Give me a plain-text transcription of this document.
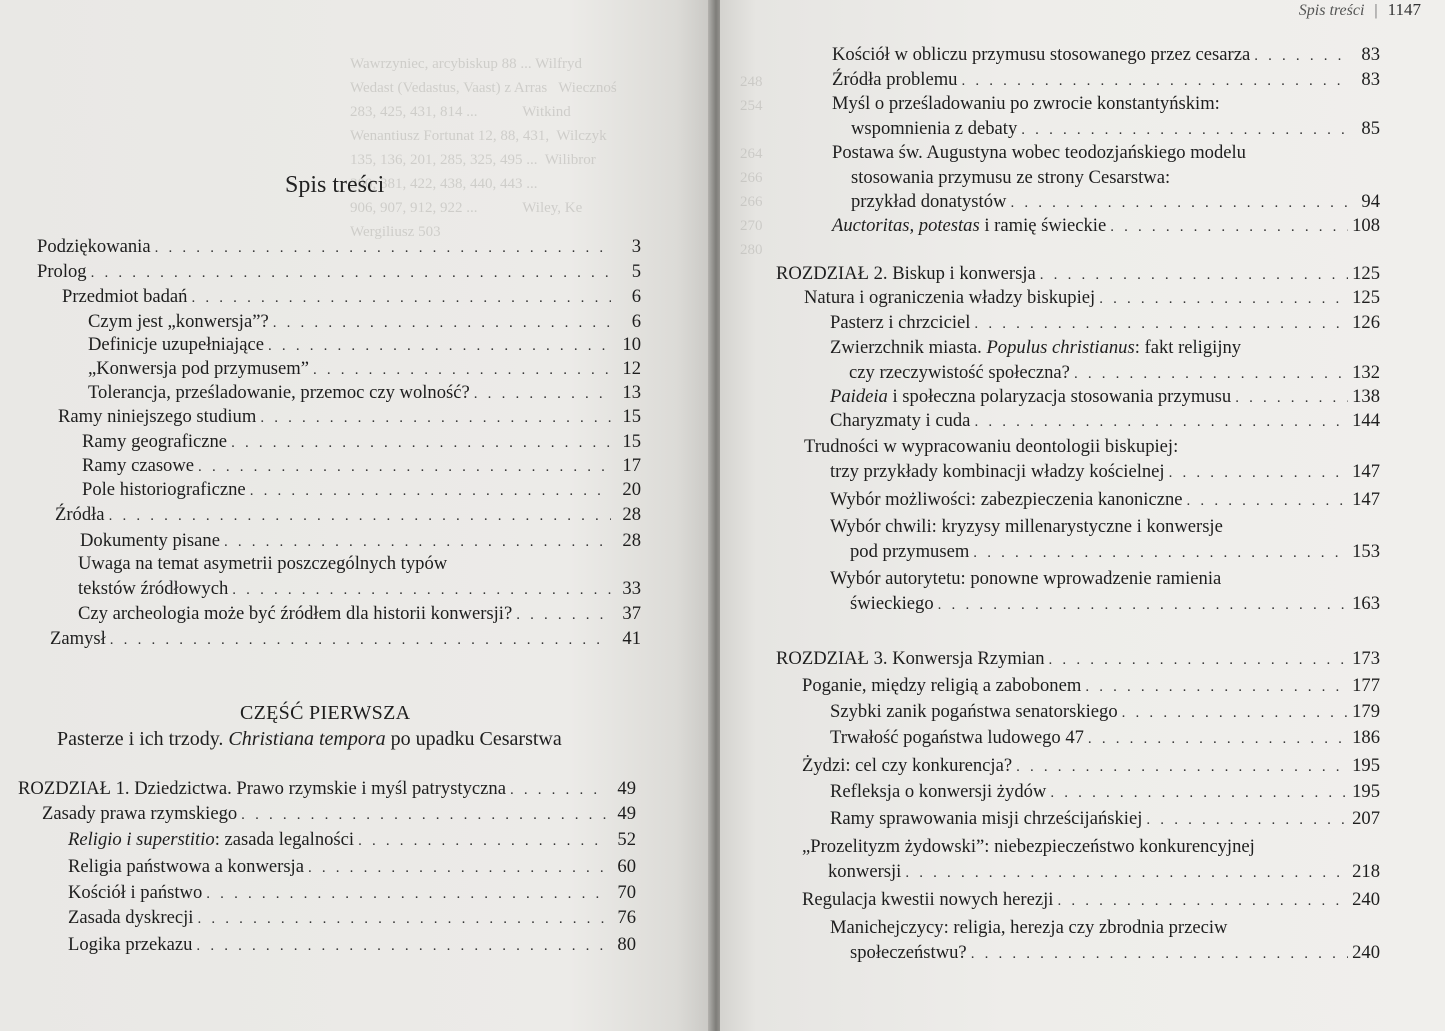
Wawrzyniec, arcybiskup 88 ... Wilfryd
Wedast (Vedastus, Vaast) z Arras   Wiecznoś
283, 425, 431, 814 ...            Witkind
Wenantiusz Fortunat 12, 88, 431,  Wilczyk
135, 136, 201, 285, 325, 495 ...  Wilibror
300, 381, 422, 438, 440, 443 ...
906, 907, 912, 922 ...            Wiley, Ke
Wergiliusz 503
Spis treści
Podziękowania . . .	3
Prolog . . .	5
Przedmiot badań . . .	6
Czym jest „konwersja”? . . .	6
Definicje uzupełniające . . .	10
„Konwersja pod przymusem” . . .	12
Tolerancja, prześladowanie, przemoc czy wolność? . . .	13
Ramy niniejszego studium . . .	15
Ramy geograficzne . . .	15
Ramy czasowe . . .	17
Pole historiograficzne . . .	20
Źródła . . .	28
Dokumenty pisane . . .	28
Uwaga na temat asymetrii poszczególnych typów
tekstów źródłowych . . .	33
Czy archeologia może być źródłem dla historii konwersji? . . .	37
Zamysł . . .	41
CZĘŚĆ PIERWSZA
Pasterze i ich trzody. Christiana tempora po upadku Cesarstwa
ROZDZIAŁ 1. Dziedzictwa. Prawo rzymskie i myśl patrystyczna . . .	49
Zasady prawa rzymskiego . . .	49
Religio i superstitio: zasada legalności . . .	52
Religia państwowa a konwersja . . .	60
Kościół i państwo . . .	70
Zasada dyskrecji . . .	76
Logika przekazu . . .	80
248
254

264
266
266
270
280
Spis treści | 1147
Kościół w obliczu przymusu stosowanego przez cesarza . . .	83
Źródła problemu . . .	83
Myśl o prześladowaniu po zwrocie konstantyńskim:
wspomnienia z debaty . . .	85
Postawa św. Augustyna wobec teodozjańskiego modelu
stosowania przymusu ze strony Cesarstwa:
przykład donatystów . . .	94
Auctoritas, potestas i ramię świeckie . . .	108
ROZDZIAŁ 2. Biskup i konwersja . . .	125
Natura i ograniczenia władzy biskupiej . . .	125
Pasterz i chrzciciel . . .	126
Zwierzchnik miasta. Populus christianus: fakt religijny
czy rzeczywistość społeczna? . . .	132
Paideia i społeczna polaryzacja stosowania przymusu . . .	138
Charyzmaty i cuda . . .	144
Trudności w wypracowaniu deontologii biskupiej:
trzy przykłady kombinacji władzy kościelnej . . .	147
Wybór możliwości: zabezpieczenia kanoniczne . . .	147
Wybór chwili: kryzysy millenarystyczne i konwersje
pod przymusem . . .	153
Wybór autorytetu: ponowne wprowadzenie ramienia
świeckiego . . .	163
ROZDZIAŁ 3. Konwersja Rzymian . . .	173
Poganie, między religią a zabobonem . . .	177
Szybki zanik pogaństwa senatorskiego . . .	179
Trwałość pogaństwa ludowego 47 . . .	186
Żydzi: cel czy konkurencja? . . .	195
Refleksja o konwersji żydów . . .	195
Ramy sprawowania misji chrześcijańskiej . . .	207
„Prozelityzm żydowski”: niebezpieczeństwo konkurencyjnej
konwersji . . .	218
Regulacja kwestii nowych herezji . . .	240
Manichejczycy: religia, herezja czy zbrodnia przeciw
społeczeństwu? . . .	240
